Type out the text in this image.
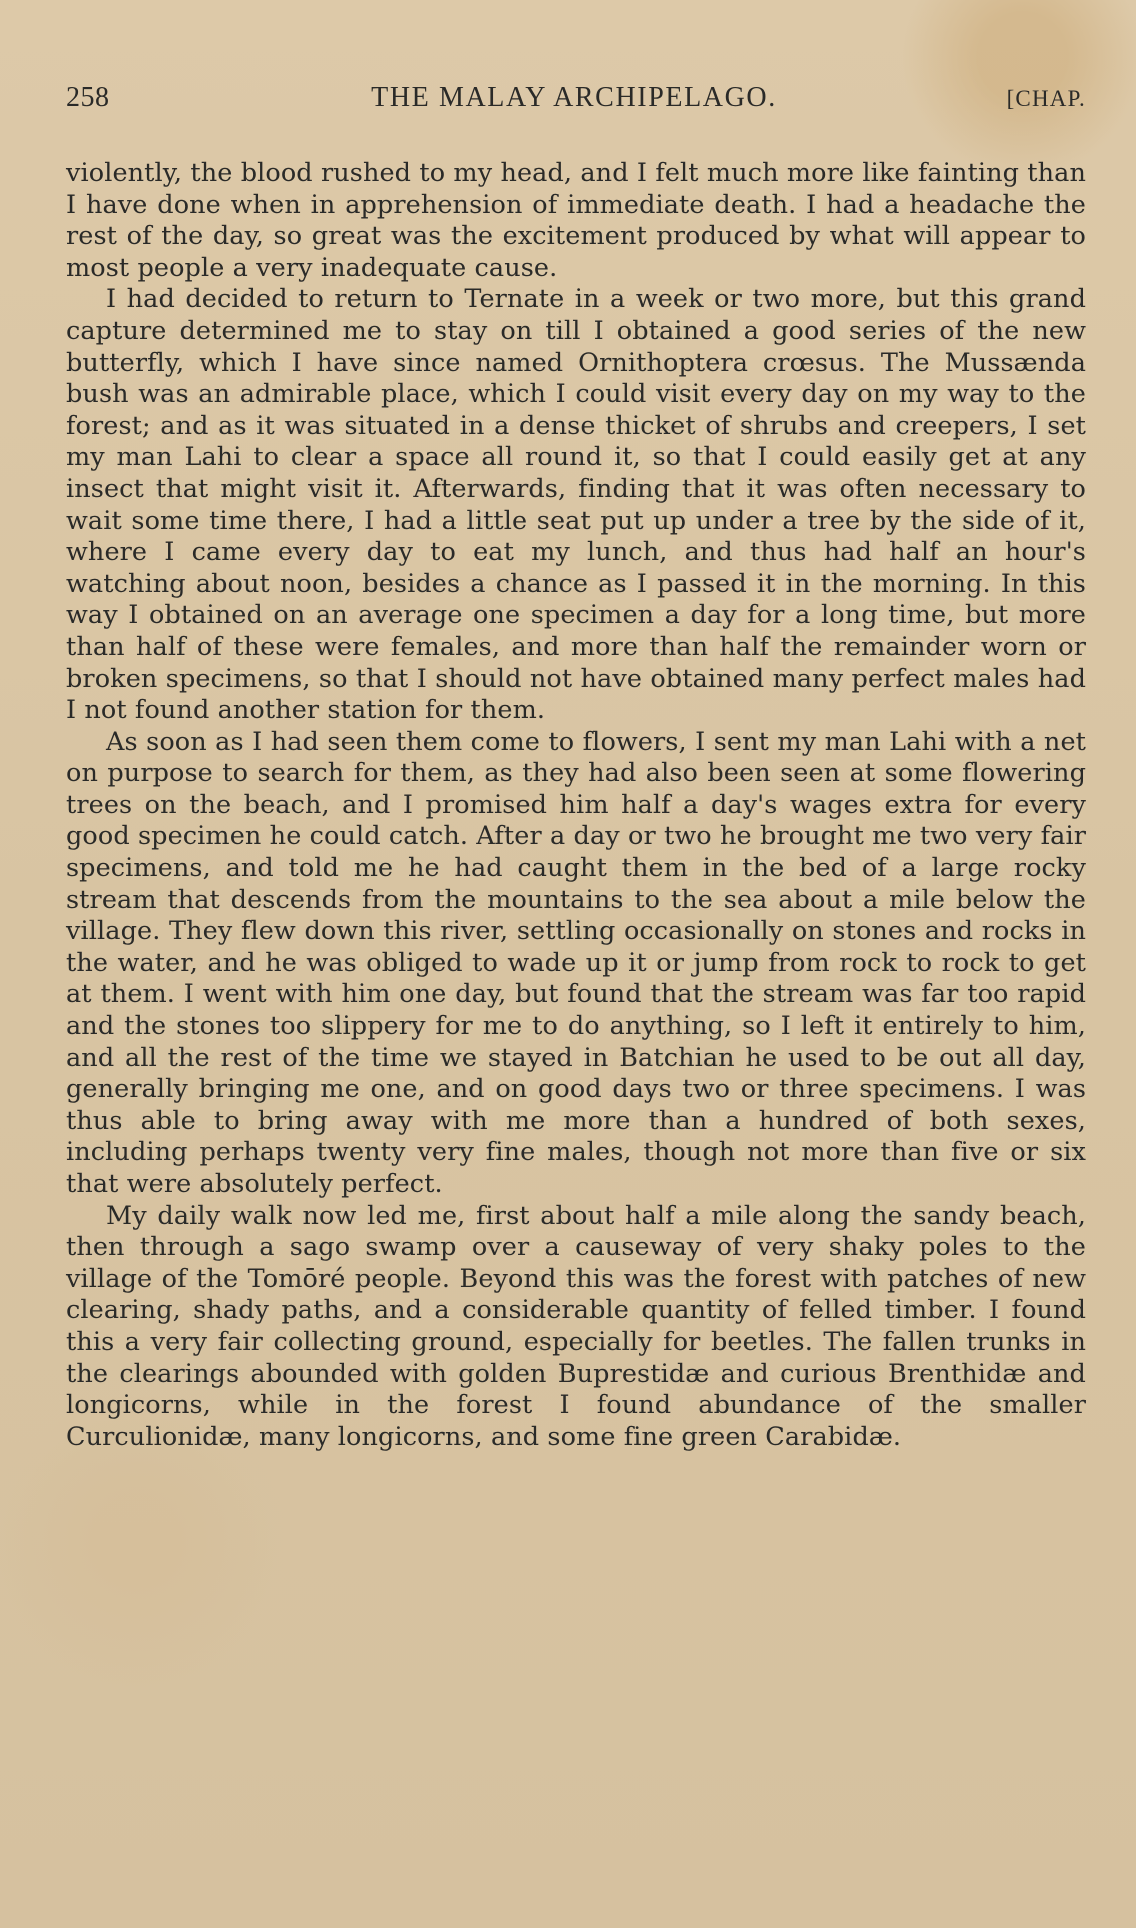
258	THE MALAY ARCHIPELAGO.	[CHAP.

violently, the blood rushed to my head, and I felt much more like fainting than I have done when in apprehension of immediate death. I had a headache the rest of the day, so great was the excitement produced by what will appear to most people a very inadequate cause.

I had decided to return to Ternate in a week or two more, but this grand capture determined me to stay on till I obtained a good series of the new butterfly, which I have since named Ornithoptera crœsus. The Mussænda bush was an admirable place, which I could visit every day on my way to the forest; and as it was situated in a dense thicket of shrubs and creepers, I set my man Lahi to clear a space all round it, so that I could easily get at any insect that might visit it. Afterwards, finding that it was often necessary to wait some time there, I had a little seat put up under a tree by the side of it, where I came every day to eat my lunch, and thus had half an hour's watching about noon, besides a chance as I passed it in the morning. In this way I obtained on an average one specimen a day for a long time, but more than half of these were females, and more than half the remainder worn or broken specimens, so that I should not have obtained many perfect males had I not found another station for them.

As soon as I had seen them come to flowers, I sent my man Lahi with a net on purpose to search for them, as they had also been seen at some flowering trees on the beach, and I promised him half a day's wages extra for every good specimen he could catch. After a day or two he brought me two very fair specimens, and told me he had caught them in the bed of a large rocky stream that descends from the mountains to the sea about a mile below the village. They flew down this river, settling occasionally on stones and rocks in the water, and he was obliged to wade up it or jump from rock to rock to get at them. I went with him one day, but found that the stream was far too rapid and the stones too slippery for me to do anything, so I left it entirely to him, and all the rest of the time we stayed in Batchian he used to be out all day, generally bringing me one, and on good days two or three specimens. I was thus able to bring away with me more than a hundred of both sexes, including perhaps twenty very fine males, though not more than five or six that were absolutely perfect.

My daily walk now led me, first about half a mile along the sandy beach, then through a sago swamp over a causeway of very shaky poles to the village of the Tomōré people. Beyond this was the forest with patches of new clearing, shady paths, and a considerable quantity of felled timber. I found this a very fair collecting ground, especially for beetles. The fallen trunks in the clearings abounded with golden Buprestidæ and curious Brenthidæ and longicorns, while in the forest I found abundance of the smaller Curculionidæ, many longicorns, and some fine green Carabidæ.
